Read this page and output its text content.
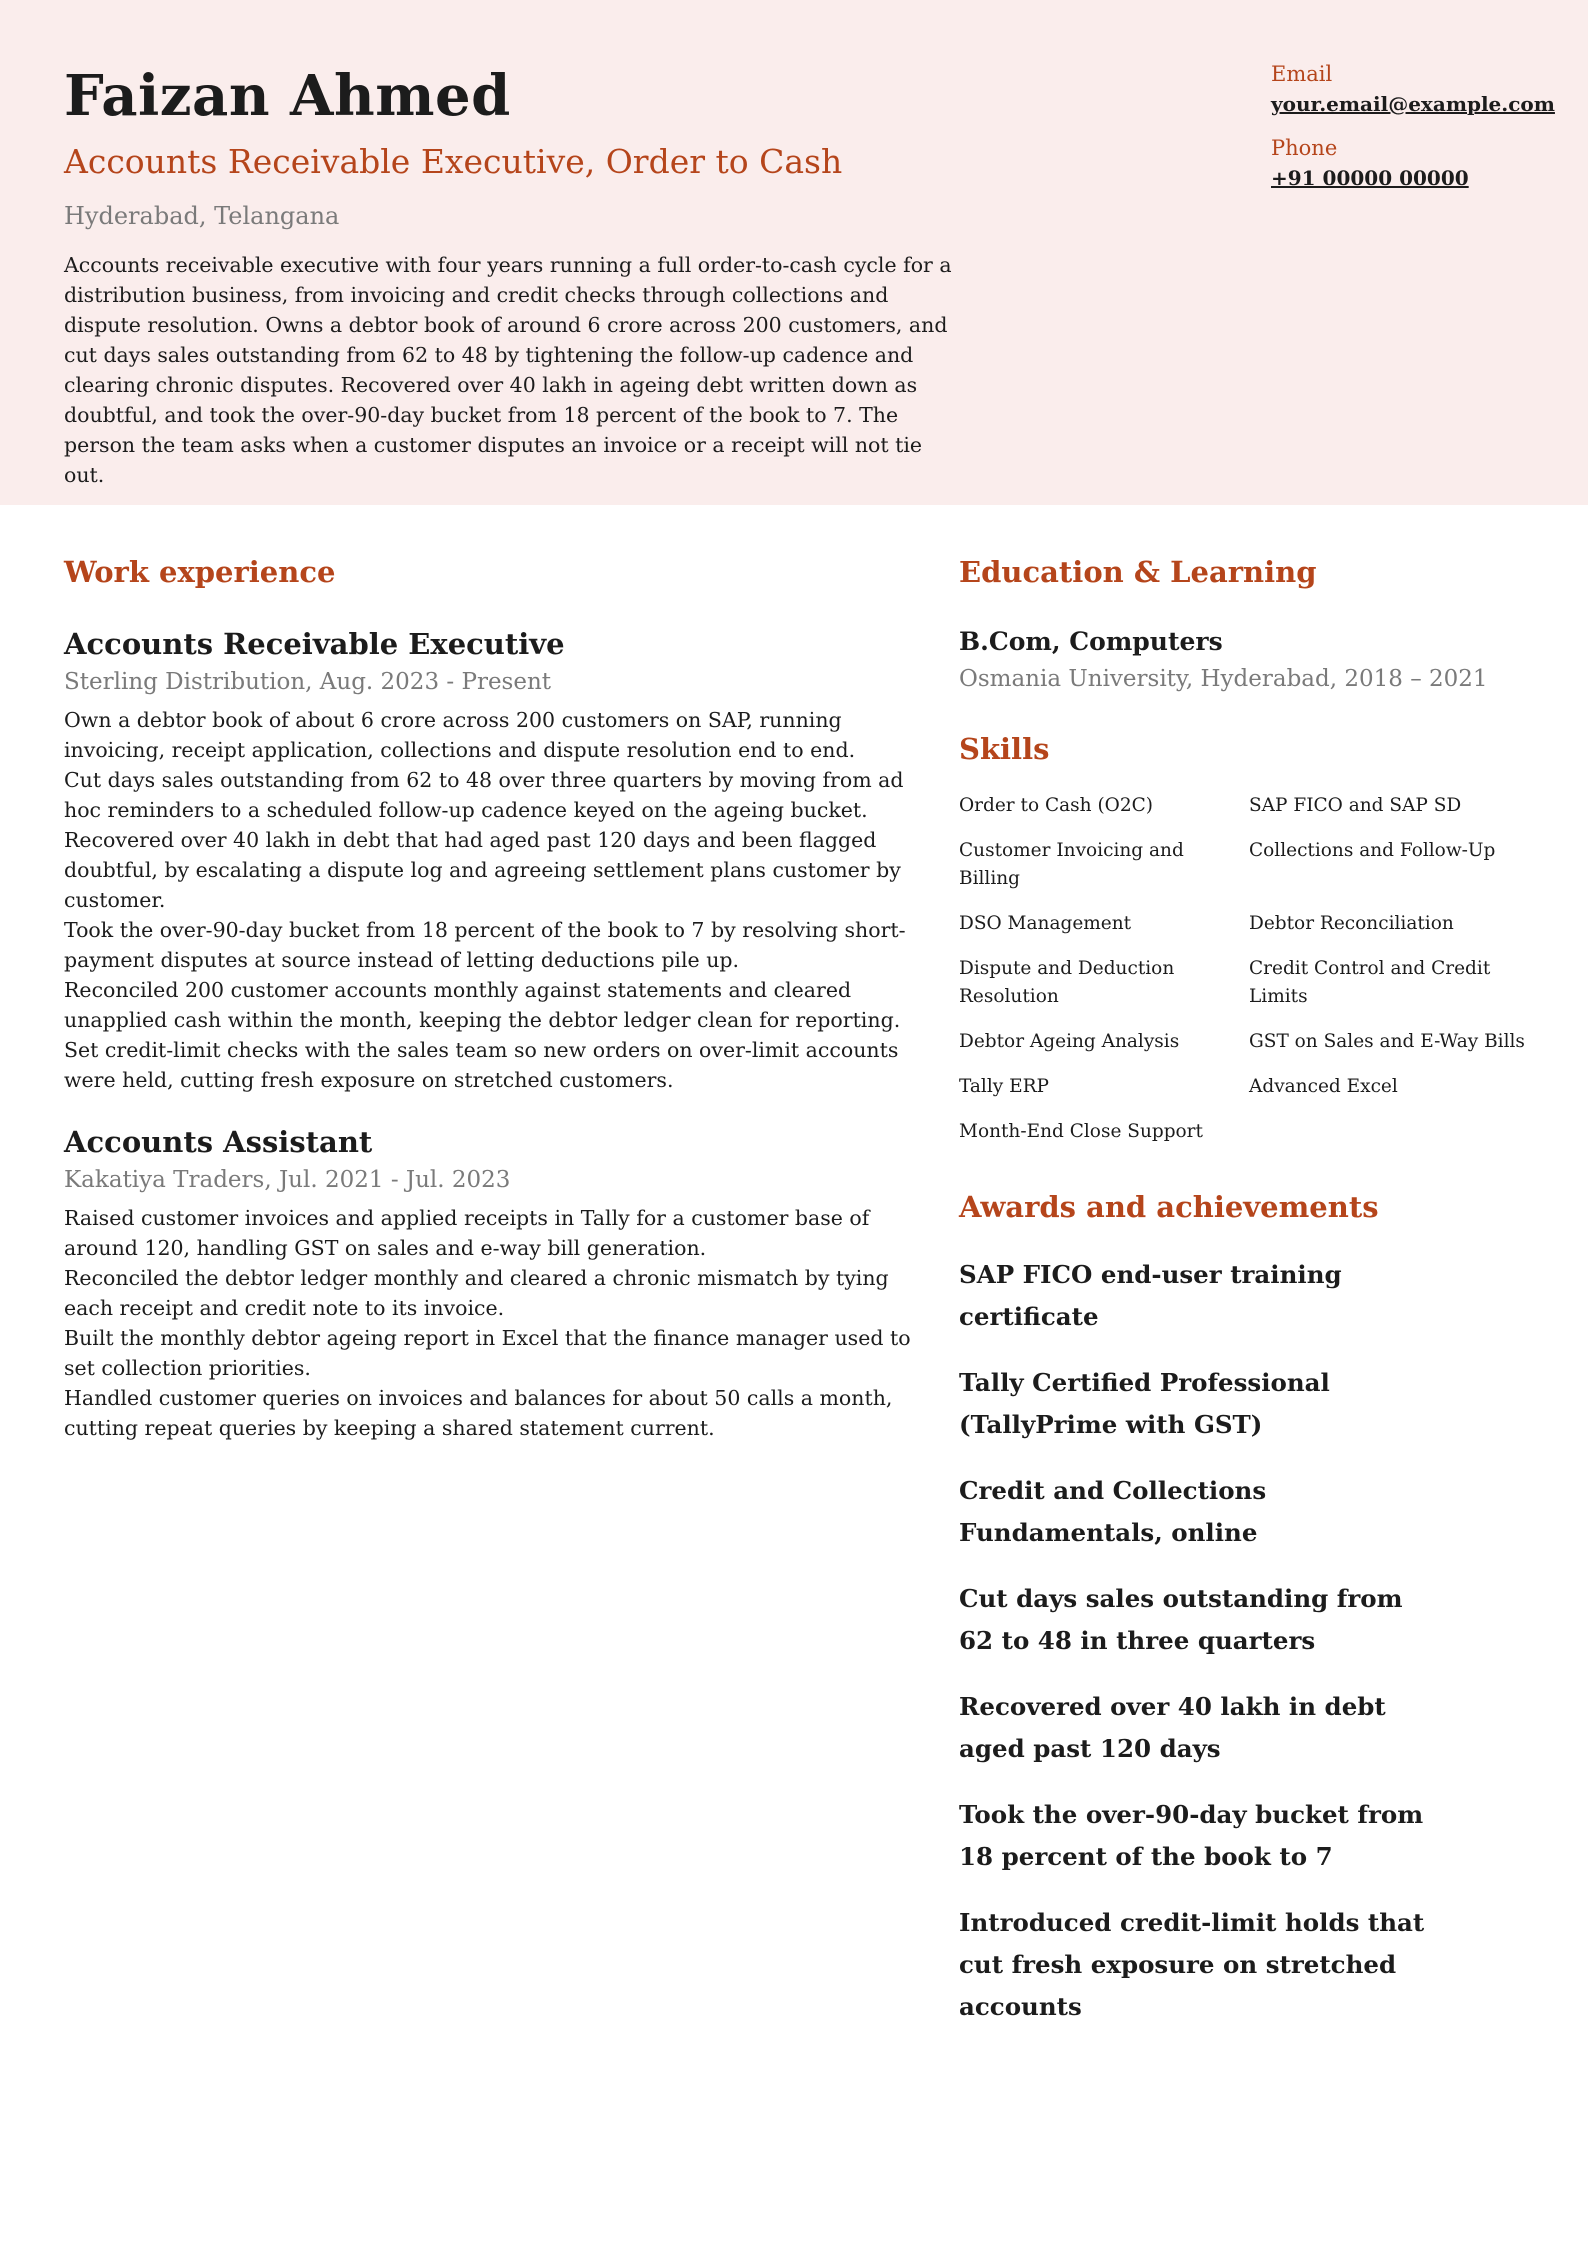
Faizan Ahmed
Accounts Receivable Executive, Order to Cash
Hyderabad, Telangana
Accounts receivable executive with four years running a full order-to-cash cycle for a distribution business, from invoicing and credit checks through collections and dispute resolution. Owns a debtor book of around 6 crore across 200 customers, and cut days sales outstanding from 62 to 48 by tightening the follow-up cadence and clearing chronic disputes. Recovered over 40 lakh in ageing debt written down as doubtful, and took the over-90-day bucket from 18 percent of the book to 7. The person the team asks when a customer disputes an invoice or a receipt will not tie out.
Email
your.email@example.com
Phone
+91 00000 00000
Work experience
Accounts Receivable Executive
Sterling Distribution, Aug. 2023 - Present
Own a debtor book of about 6 crore across 200 customers on SAP, running invoicing, receipt application, collections and dispute resolution end to end.
Cut days sales outstanding from 62 to 48 over three quarters by moving from ad hoc reminders to a scheduled follow-up cadence keyed on the ageing bucket.
Recovered over 40 lakh in debt that had aged past 120 days and been flagged doubtful, by escalating a dispute log and agreeing settlement plans customer by customer.
Took the over-90-day bucket from 18 percent of the book to 7 by resolving short-payment disputes at source instead of letting deductions pile up.
Reconciled 200 customer accounts monthly against statements and cleared unapplied cash within the month, keeping the debtor ledger clean for reporting.
Set credit-limit checks with the sales team so new orders on over-limit accounts were held, cutting fresh exposure on stretched customers.
Accounts Assistant
Kakatiya Traders, Jul. 2021 - Jul. 2023
Raised customer invoices and applied receipts in Tally for a customer base of around 120, handling GST on sales and e-way bill generation.
Reconciled the debtor ledger monthly and cleared a chronic mismatch by tying each receipt and credit note to its invoice.
Built the monthly debtor ageing report in Excel that the finance manager used to set collection priorities.
Handled customer queries on invoices and balances for about 50 calls a month, cutting repeat queries by keeping a shared statement current.
Education & Learning
B.Com, Computers
Osmania University, Hyderabad, 2018 – 2021
Skills
Order to Cash (O2C)	SAP FICO and SAP SD
Customer Invoicing and Billing
Collections and Follow-Up
DSO Management	Debtor Reconciliation
Dispute and Deduction Resolution
Credit Control and Credit Limits
Debtor Ageing Analysis	GST on Sales and E-Way Bills
Tally ERP	Advanced Excel
Month-End Close Support
Awards and achievements
SAP FICO end-user training certificate
Tally Certified Professional (TallyPrime with GST)
Credit and Collections Fundamentals, online
Cut days sales outstanding from 62 to 48 in three quarters
Recovered over 40 lakh in debt aged past 120 days
Took the over-90-day bucket from 18 percent of the book to 7
Introduced credit-limit holds that cut fresh exposure on stretched accounts
